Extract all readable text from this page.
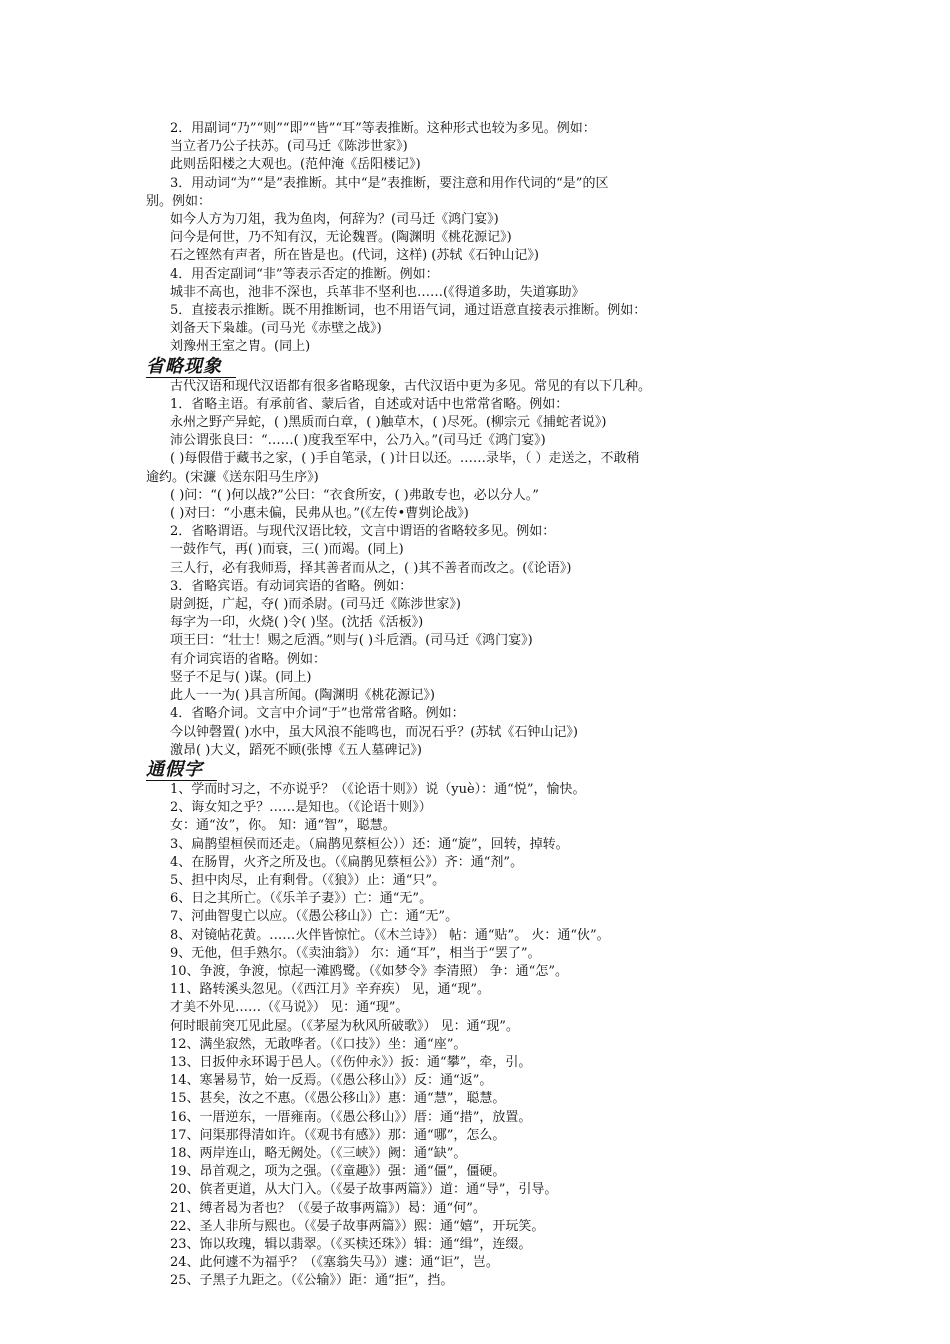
2．用副词“乃”“则”“即”“皆”“耳”等表推断。这种形式也较为多见。例如：
当立者乃公子扶苏。(司马迁《陈涉世家》)
此则岳阳楼之大观也。(范仲淹《岳阳楼记》)
3．用动词“为”“是”表推断。其中“是”表推断，要注意和用作代词的“是”的区
别。例如：
如今人方为刀俎，我为鱼肉，何辞为？(司马迁《鸿门宴》)
问今是何世，乃不知有汉，无论魏晋。(陶渊明《桃花源记》)
石之铿然有声者，所在皆是也。(代词，这样) (苏轼《石钟山记》)
4．用否定副词“非”等表示否定的推断。例如：
城非不高也，池非不深也，兵革非不坚利也……(《得道多助，失道寡助》
5．直接表示推断。既不用推断词，也不用语气词，通过语意直接表示推断。例如：
刘备天下枭雄。(司马光《赤壁之战》)
刘豫州王室之胄。(同上)
省略现象
古代汉语和现代汉语都有很多省略现象，古代汉语中更为多见。常见的有以下几种。
1．省略主语。有承前省、蒙后省，自述或对话中也常常省略。例如：
永州之野产异蛇，( )黑质而白章，( )触草木，( )尽死。(柳宗元《捕蛇者说》)
沛公谓张良曰：“……( )度我至军中，公乃入。”(司马迁《鸿门宴》)
( )每假借于藏书之家，( )手自笔录，( )计日以还。……录毕，（ ）走送之，不敢稍
逾约。(宋濂《送东阳马生序》)
( )问：“( )何以战?”公曰：“衣食所安，( )弗敢专也，必以分人。”
( )对曰：“小惠未偏，民弗从也。”(《左传•曹刿论战》)
2．省略谓语。与现代汉语比较，文言中谓语的省略较多见。例如：
一鼓作气，再( )而衰，三( )而竭。(同上)
三人行，必有我师焉，择其善者而从之，( )其不善者而改之。(《论语》)
3．省略宾语。有动词宾语的省略。例如：
尉剑挺，广起，夺( )而杀尉。(司马迁《陈涉世家》)
每字为一印，火烧( )令( )坚。(沈括《活板》)
项王曰：“壮士！赐之卮酒。”则与( )斗卮酒。(司马迁《鸿门宴》)
有介词宾语的省略。例如：
竖子不足与( )谋。(同上)
此人一一为( )具言所闻。(陶渊明《桃花源记》)
4．省略介词。文言中介词“于”也常常省略。例如：
今以钟磬置( )水中，虽大风浪不能鸣也，而况石乎？(苏轼《石钟山记》)
激昂( )大义，蹈死不顾(张博《五人墓碑记》)
通假字
1、学而时习之，不亦说乎？（《论语十则》）说（yuè）：通“悦”，愉快。
2、诲女知之乎？……是知也。（《论语十则》）
女：通“汝”，你。 知：通“智”，聪慧。
3、扁鹊望桓侯而还走。（扁鹊见蔡桓公））还：通“旋”，回转，掉转。
4、在肠胃，火齐之所及也。（《扁鹊见蔡桓公》）齐：通“剂”。
5、担中肉尽，止有剩骨。（《狼》）止：通“只”。
6、日之其所亡。（《乐羊子妻》）亡：通“无”。
7、河曲智叟亡以应。（《愚公移山》）亡：通“无”。
8、对镜帖花黄。……火伴皆惊忙。（《木兰诗》） 帖：通“贴”。 火：通“伙”。
9、无他，但手熟尔。（《卖油翁》） 尔：通“耳”，相当于“罢了”。
10、争渡，争渡，惊起一滩鸥鹭。（《如梦令》李清照） 争：通“怎”。
11、路转溪头忽见。（《西江月》辛弃疾） 见，通“现”。
才美不外见……（《马说》） 见：通“现”。
何时眼前突兀见此屋。（《茅屋为秋风所破歌》） 见：通“现”。
12、满坐寂然，无敢哗者。（《口技》）坐：通“座”。
13、日扳仲永环谒于邑人。（《伤仲永》）扳：通“攀”，牵，引。
14、寒暑易节，始一反焉。（《愚公移山》）反：通“返”。
15、甚矣，汝之不惠。（《愚公移山》）惠：通“慧”，聪慧。
16、一厝逆东，一厝雍南。（《愚公移山》）厝：通“措”，放置。
17、问渠那得清如许。（《观书有感》）那：通“哪”，怎么。
18、两岸连山，略无阙处。（《三峡》）阙：通“缺”。
19、昂首观之，项为之强。（《童趣》）强：通“僵”，僵硬。
20、傧者更道，从大门入。（《晏子故事两篇》）道：通“导”，引导。
21、缚者曷为者也？（《晏子故事两篇》）曷：通“何”。
22、圣人非所与熙也。（《晏子故事两篇》）熙：通“嬉”，开玩笑。
23、饰以玫瑰，辑以翡翠。（《买椟还珠》）辑：通“缉”，连缀。
24、此何遽不为福乎？（《塞翁失马》）遽：通“讵”，岂。
25、子黑子九距之。（《公输》）距：通“拒”，挡。
